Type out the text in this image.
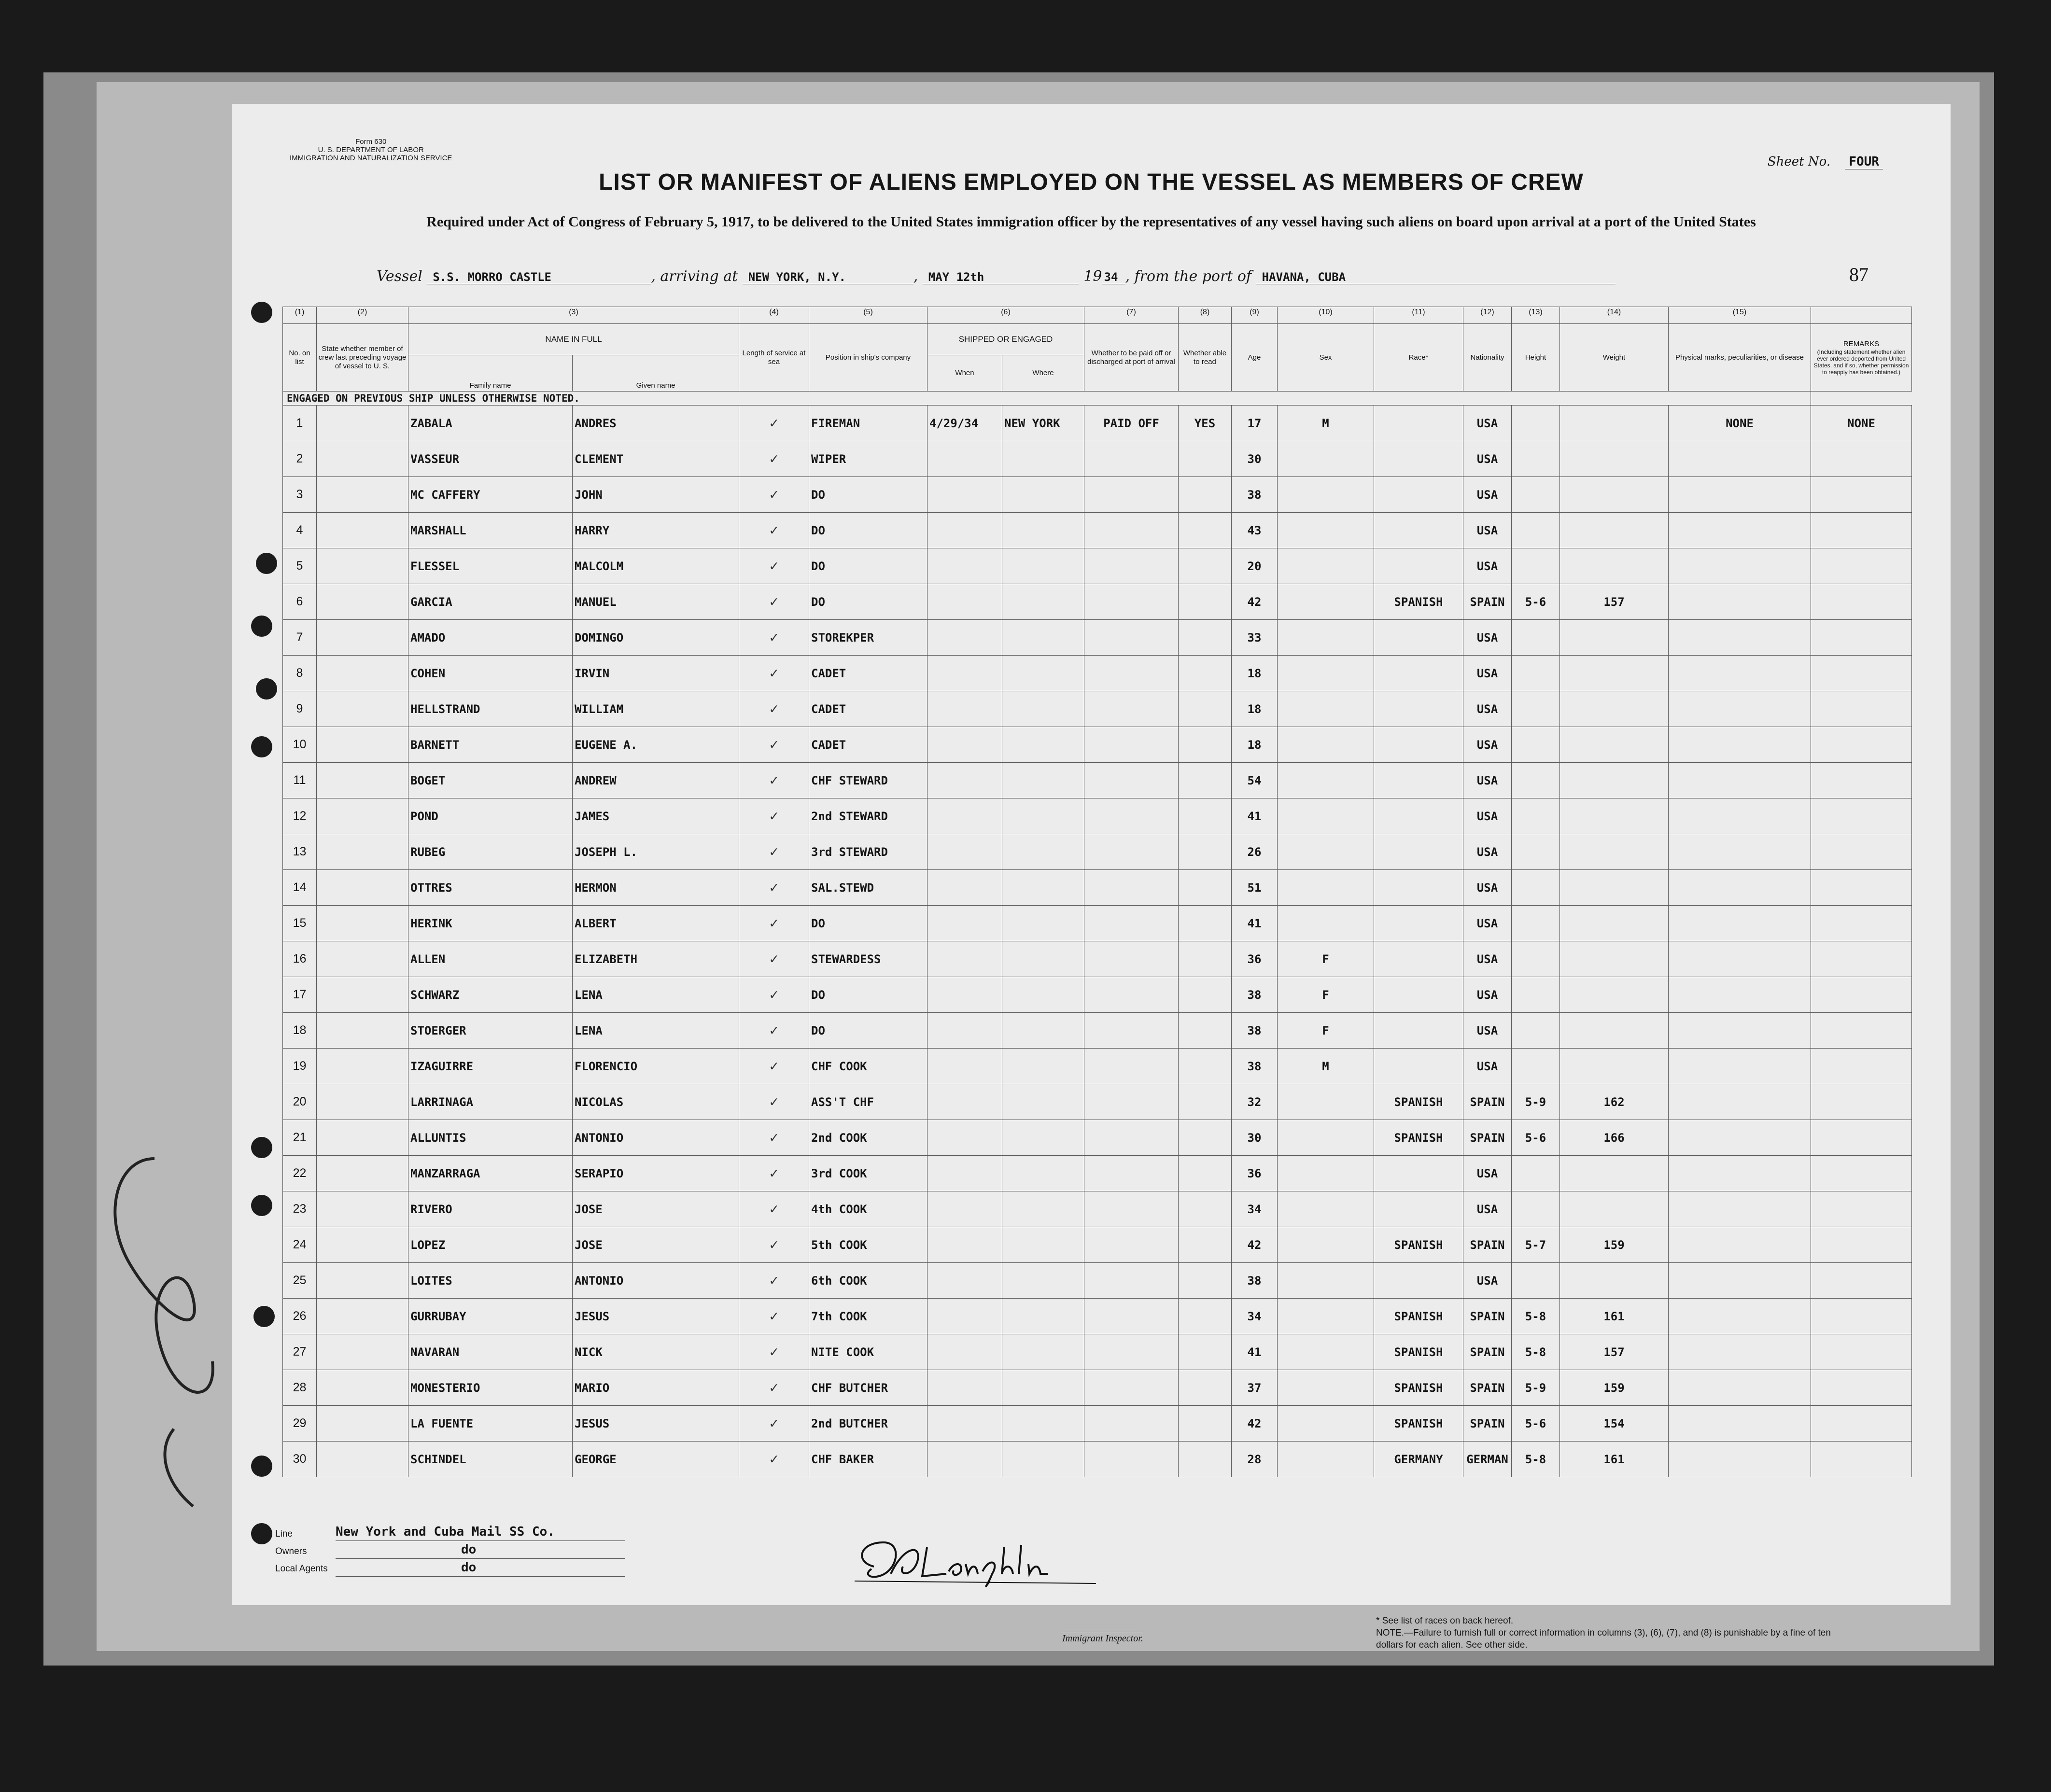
Form 630
U. S. DEPARTMENT OF LABOR
IMMIGRATION AND NATURALIZATION SERVICE	Sheet No. FOUR
LIST OR MANIFEST OF ALIENS EMPLOYED ON THE VESSEL AS MEMBERS OF CREW
Required under Act of Congress of February 5, 1917, to be delivered to the United States immigration officer by the representatives of any vessel having such aliens on board upon arrival at a port of the United States
Vessel S.S. MORRO CASTLE	, arriving at NEW YORK, N.Y.	, MAY 12th	19 34 , from the port of HAVANA, CUBA	87
(1)	(2)	(3)		(4)	(5)	(6)		(7)	(8)	(9)	(10)	(11)	(12)	(13)	(14)	(15)	
No. on list	State whether member of crew last preceding voyage of vessel to U. S.	NAME IN FULL		Length of service at sea	Position in ship's company	SHIPPED OR ENGAGED		Whether to be paid off or discharged at port of arrival	Whether able to read	Age	Sex	Race*	Nationality	Height	Weight	Physical marks, peculiarities, or disease	REMARKS
(Including statement whether alien ever ordered deported from United States, and if so, whether permission to reapply has been obtained.)

		Family name	Given name			When	Where										
ENGAGED ON PREVIOUS SHIP UNLESS OTHERWISE NOTED.																	
1		ZABALA	ANDRES	✓	FIREMAN	4/29/34	NEW YORK	PAID OFF	YES	17	M		USA			NONE	NONE
2		VASSEUR	CLEMENT	✓	WIPER					30			USA				
3		MC CAFFERY	JOHN	✓	DO					38			USA				
4		MARSHALL	HARRY	✓	DO					43			USA				
5		FLESSEL	MALCOLM	✓	DO					20			USA				
6		GARCIA	MANUEL	✓	DO					42		SPANISH	SPAIN	5-6	157		
7		AMADO	DOMINGO	✓	STOREKPER					33			USA				
8		COHEN	IRVIN	✓	CADET					18			USA				
9		HELLSTRAND	WILLIAM	✓	CADET					18			USA				
10		BARNETT	EUGENE A.	✓	CADET					18			USA				
11		BOGET	ANDREW	✓	CHF STEWARD					54			USA				
12		POND	JAMES	✓	2nd STEWARD					41			USA				
13		RUBEG	JOSEPH L.	✓	3rd STEWARD					26			USA				
14		OTTRES	HERMON	✓	SAL.STEWD					51			USA				
15		HERINK	ALBERT	✓	DO					41			USA				
16		ALLEN	ELIZABETH	✓	STEWARDESS					36	F		USA				
17		SCHWARZ	LENA	✓	DO					38	F		USA				
18		STOERGER	LENA	✓	DO					38	F		USA				
19		IZAGUIRRE	FLORENCIO	✓	CHF COOK					38	M		USA				
20		LARRINAGA	NICOLAS	✓	ASS'T CHF					32		SPANISH	SPAIN	5-9	162		
21		ALLUNTIS	ANTONIO	✓	2nd COOK					30		SPANISH	SPAIN	5-6	166		
22		MANZARRAGA	SERAPIO	✓	3rd COOK					36			USA				
23		RIVERO	JOSE	✓	4th COOK					34			USA				
24		LOPEZ	JOSE	✓	5th COOK					42		SPANISH	SPAIN	5-7	159		
25		LOITES	ANTONIO	✓	6th COOK					38			USA				
26		GURRUBAY	JESUS	✓	7th COOK					34		SPANISH	SPAIN	5-8	161		
27		NAVARAN	NICK	✓	NITE COOK					41		SPANISH	SPAIN	5-8	157		
28		MONESTERIO	MARIO	✓	CHF BUTCHER					37		SPANISH	SPAIN	5-9	159		
29		LA FUENTE	JESUS	✓	2nd BUTCHER					42		SPANISH	SPAIN	5-6	154		
30		SCHINDEL	GEORGE	✓	CHF BAKER					28		GERMANY	GERMAN	5-8	161		
Line
Owners
Local Agents
New York and Cuba Mail SS Co.
do
do
Immigrant Inspector.
* See list of races on back hereof.
NOTE.—Failure to furnish full or correct information in columns (3), (6), (7), and (8) is punishable by a fine of ten dollars for each alien. See other side.
